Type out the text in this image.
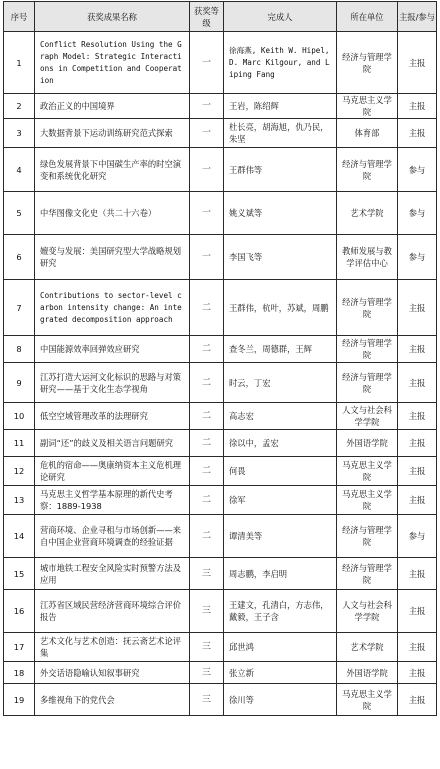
序号	获奖成果名称	获奖等级	完成人	所在单位	主报/参与

1	Conflict Resolution Using the Graph Model: Strategic Interactions in Competition and Cooperation	一	徐海燕, Keith W. Hipel, D. Marc Kilgour, and Liping Fang	经济与管理学院	主报

2	政治正义的中国境界	一	王岩，陈绍辉	马克思主义学院	主报

3	大数据背景下运动训练研究范式探索	一	杜长亮，胡海旭，仇乃民，朱坚	体育部	主报

4	绿色发展背景下中国碳生产率的时空演变和系统优化研究	一	王群伟等	经济与管理学院	参与

5	中华图像文化史（共二十六卷）	一	姚义斌等	艺术学院	参与

6	嬗变与发展：美国研究型大学战略规划研究	一	李国飞等	教师发展与教学评估中心	参与

7	Contributions to sector-level carbon intensity change: An integrated decomposition approach	二	王群伟，杭叶，苏斌，周鹏	经济与管理学院	主报

8	中国能源效率回弹效应研究	二	查冬兰，周德群，王辉	经济与管理学院	主报

9	江苏打造大运河文化标识的思路与对策研究——基于文化生态学视角	二	时云，丁宏	经济与管理学院	主报

10	低空空域管理改革的法理研究	二	高志宏	人文与社会科学学院	主报

11	副词“还”的歧义及相关语言问题研究	二	徐以中，孟宏	外国语学院	主报

12	危机的宿命——奥康纳资本主义危机理论研究	二	何畏	马克思主义学院	主报

13	马克思主义哲学基本原理的新代史考察：1889-1938	二	徐军	马克思主义学院	主报

14	营商环境、企业寻租与市场创新——来自中国企业营商环境调查的经验证据	二	谭清美等	经济与管理学院	参与

15	城市地铁工程安全风险实时预警方法及应用	三	周志鹏，李启明	经济与管理学院	主报

16	江苏省区域民营经济营商环境综合评价报告	三	王建文，孔清白，方志伟，戴毅，王子含	人文与社会科学学院	主报

17	艺术文化与艺术创造：抚云斋艺术论评集	三	邱世鸿	艺术学院	主报

18	外交话语隐喻认知叙事研究	三	张立新	外国语学院	主报

19	多维视角下的党代会	三	徐川等	马克思主义学院	主报
